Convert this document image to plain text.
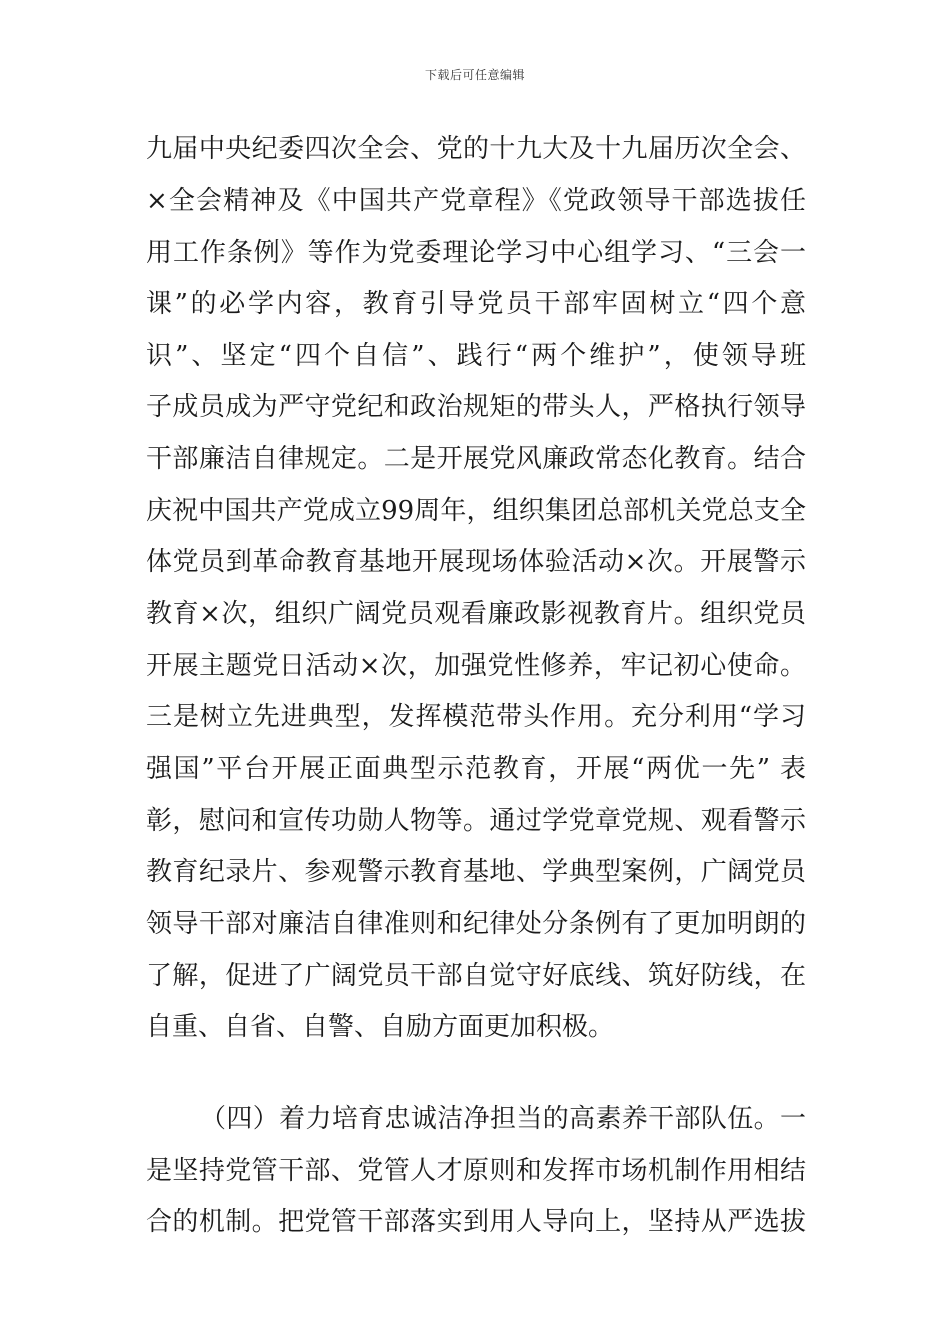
下载后可任意编辑
九届中央纪委四次全会、党的十九大及十九届历次全会、
×全会精神及《中国共产党章程》《党政领导干部选拔任
用工作条例》等作为党委理论学习中心组学习、“三会一
课”的必学内容，教育引导党员干部牢固树立“四个意
识”、坚定“四个自信”、践行“两个维护”，使领导班
子成员成为严守党纪和政治规矩的带头人，严格执行领导
干部廉洁自律规定。二是开展党风廉政常态化教育。结合
庆祝中国共产党成立99周年，组织集团总部机关党总支全
体党员到革命教育基地开展现场体验活动×次。开展警示
教育×次，组织广阔党员观看廉政影视教育片。组织党员
开展主题党日活动×次，加强党性修养，牢记初心使命。
三是树立先进典型，发挥模范带头作用。充分利用“学习
强国”平台开展正面典型示范教育，开展“两优一先” 表
彰，慰问和宣传功勋人物等。通过学党章党规、观看警示
教育纪录片、参观警示教育基地、学典型案例，广阔党员
领导干部对廉洁自律准则和纪律处分条例有了更加明朗的
了解，促进了广阔党员干部自觉守好底线、筑好防线，在
自重、自省、自警、自励方面更加积极。
（四）着力培育忠诚洁净担当的高素养干部队伍。一
是坚持党管干部、党管人才原则和发挥市场机制作用相结
合的机制。把党管干部落实到用人导向上，坚持从严选拔
